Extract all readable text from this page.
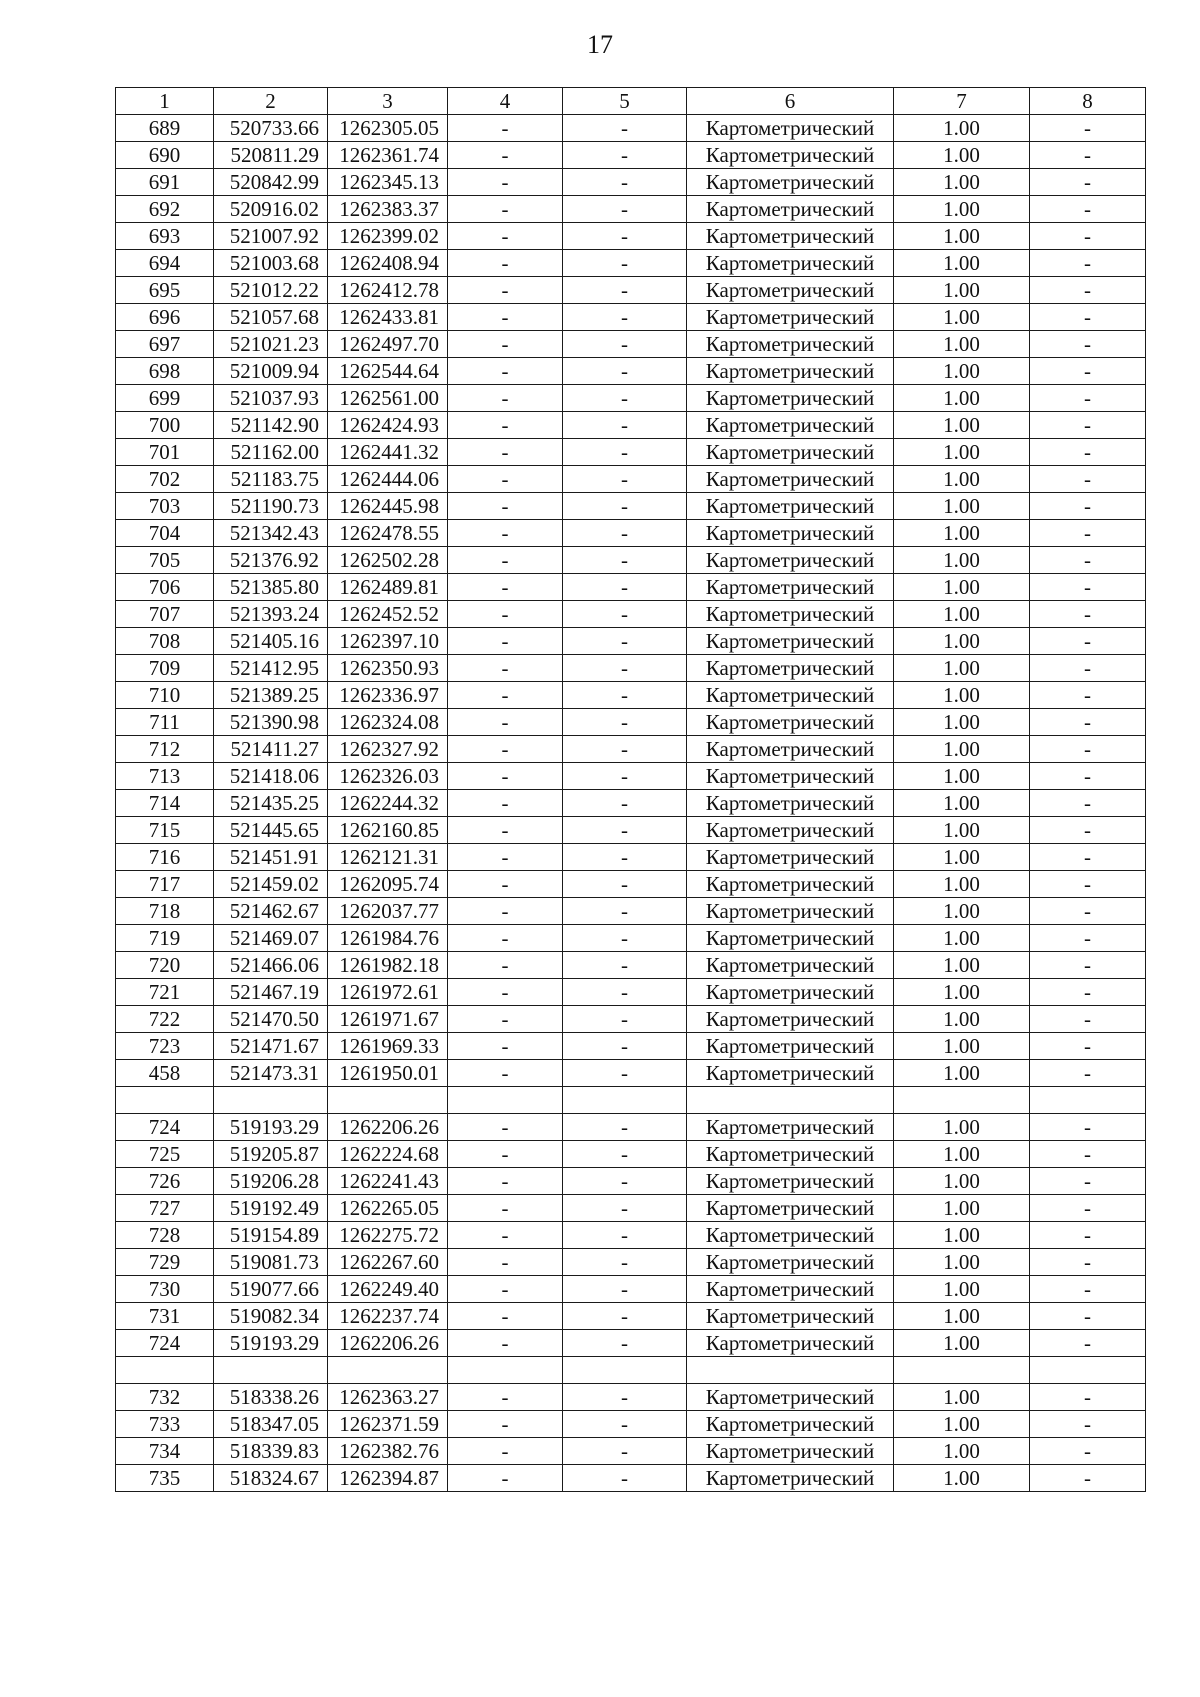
17
1	2	3	4	5	6	7	8
689	520733.66	1262305.05	-	-	Картометрический	1.00	-
690	520811.29	1262361.74	-	-	Картометрический	1.00	-
691	520842.99	1262345.13	-	-	Картометрический	1.00	-
692	520916.02	1262383.37	-	-	Картометрический	1.00	-
693	521007.92	1262399.02	-	-	Картометрический	1.00	-
694	521003.68	1262408.94	-	-	Картометрический	1.00	-
695	521012.22	1262412.78	-	-	Картометрический	1.00	-
696	521057.68	1262433.81	-	-	Картометрический	1.00	-
697	521021.23	1262497.70	-	-	Картометрический	1.00	-
698	521009.94	1262544.64	-	-	Картометрический	1.00	-
699	521037.93	1262561.00	-	-	Картометрический	1.00	-
700	521142.90	1262424.93	-	-	Картометрический	1.00	-
701	521162.00	1262441.32	-	-	Картометрический	1.00	-
702	521183.75	1262444.06	-	-	Картометрический	1.00	-
703	521190.73	1262445.98	-	-	Картометрический	1.00	-
704	521342.43	1262478.55	-	-	Картометрический	1.00	-
705	521376.92	1262502.28	-	-	Картометрический	1.00	-
706	521385.80	1262489.81	-	-	Картометрический	1.00	-
707	521393.24	1262452.52	-	-	Картометрический	1.00	-
708	521405.16	1262397.10	-	-	Картометрический	1.00	-
709	521412.95	1262350.93	-	-	Картометрический	1.00	-
710	521389.25	1262336.97	-	-	Картометрический	1.00	-
711	521390.98	1262324.08	-	-	Картометрический	1.00	-
712	521411.27	1262327.92	-	-	Картометрический	1.00	-
713	521418.06	1262326.03	-	-	Картометрический	1.00	-
714	521435.25	1262244.32	-	-	Картометрический	1.00	-
715	521445.65	1262160.85	-	-	Картометрический	1.00	-
716	521451.91	1262121.31	-	-	Картометрический	1.00	-
717	521459.02	1262095.74	-	-	Картометрический	1.00	-
718	521462.67	1262037.77	-	-	Картометрический	1.00	-
719	521469.07	1261984.76	-	-	Картометрический	1.00	-
720	521466.06	1261982.18	-	-	Картометрический	1.00	-
721	521467.19	1261972.61	-	-	Картометрический	1.00	-
722	521470.50	1261971.67	-	-	Картометрический	1.00	-
723	521471.67	1261969.33	-	-	Картометрический	1.00	-
458	521473.31	1261950.01	-	-	Картометрический	1.00	-

724	519193.29	1262206.26	-	-	Картометрический	1.00	-
725	519205.87	1262224.68	-	-	Картометрический	1.00	-
726	519206.28	1262241.43	-	-	Картометрический	1.00	-
727	519192.49	1262265.05	-	-	Картометрический	1.00	-
728	519154.89	1262275.72	-	-	Картометрический	1.00	-
729	519081.73	1262267.60	-	-	Картометрический	1.00	-
730	519077.66	1262249.40	-	-	Картометрический	1.00	-
731	519082.34	1262237.74	-	-	Картометрический	1.00	-
724	519193.29	1262206.26	-	-	Картометрический	1.00	-

732	518338.26	1262363.27	-	-	Картометрический	1.00	-
733	518347.05	1262371.59	-	-	Картометрический	1.00	-
734	518339.83	1262382.76	-	-	Картометрический	1.00	-
735	518324.67	1262394.87	-	-	Картометрический	1.00	-
